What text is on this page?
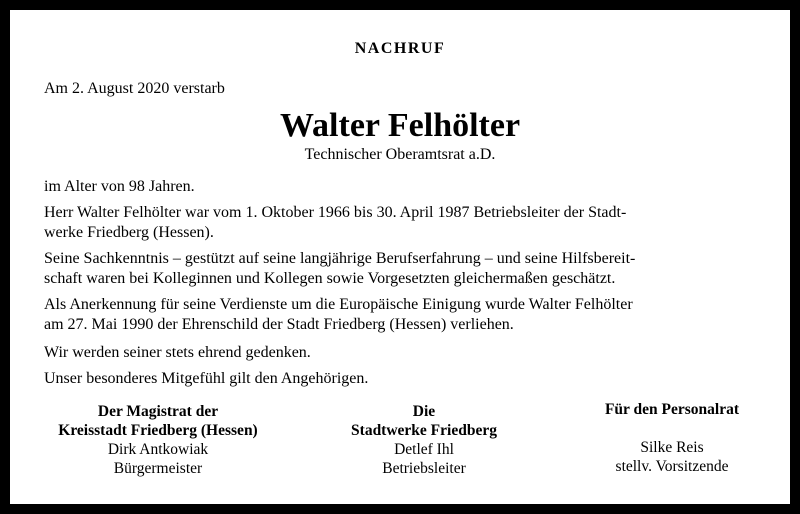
NACHRUF
Am 2. August 2020 verstarb
Walter Felhölter
Technischer Oberamtsrat a.D.
im Alter von 98 Jahren.
Herr Walter Felhölter war vom 1. Oktober 1966 bis 30. April 1987 Betriebsleiter der Stadt-
werke Friedberg (Hessen).
Seine Sachkenntnis – gestützt auf seine langjährige Berufserfahrung – und seine Hilfsbereit-
schaft waren bei Kolleginnen und Kollegen sowie Vorgesetzten gleichermaßen geschätzt.
Als Anerkennung für seine Verdienste um die Europäische Einigung wurde Walter Felhölter
am 27. Mai 1990 der Ehrenschild der Stadt Friedberg (Hessen) verliehen.
Wir werden seiner stets ehrend gedenken.
Unser besonderes Mitgefühl gilt den Angehörigen.
Der Magistrat der
Kreisstadt Friedberg (Hessen)
Dirk Antkowiak
Bürgermeister
Die
Stadtwerke Friedberg
Detlef Ihl
Betriebsleiter
Für den Personalrat
Silke Reis
stellv. Vorsitzende
